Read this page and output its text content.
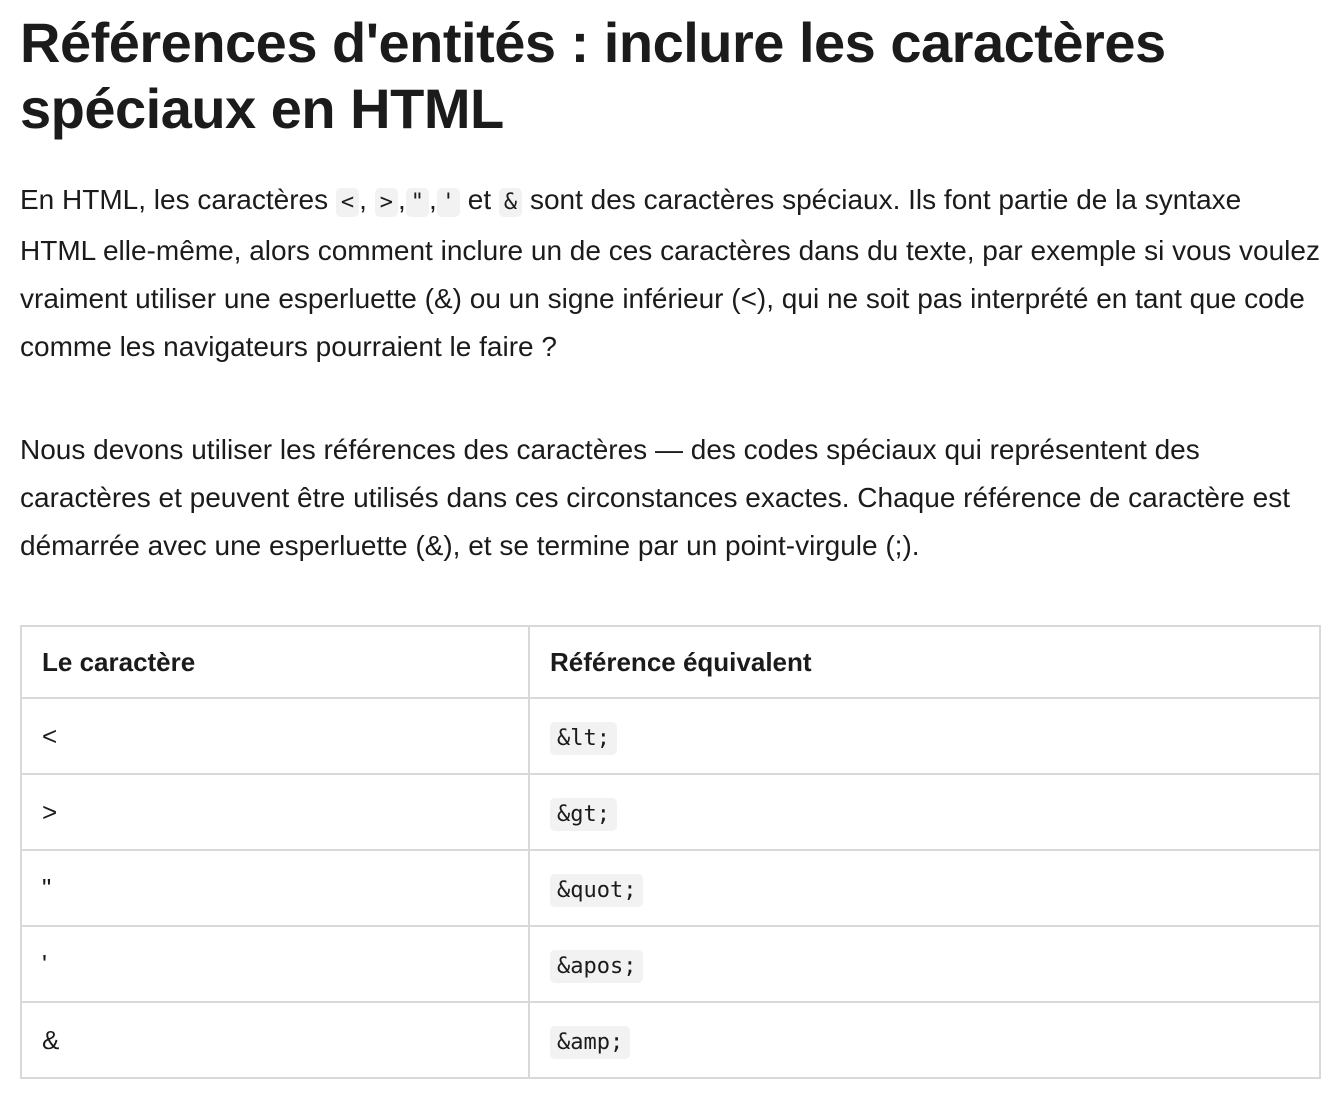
Références d'entités : inclure les caractères spéciaux en HTML

En HTML, les caractères < , > , " , ' et & sont des caractères spéciaux. Ils font partie de la syntaxe HTML elle-même, alors comment inclure un de ces caractères dans du texte, par exemple si vous voulez vraiment utiliser une esperluette (&) ou un signe inférieur (<), qui ne soit pas interprété en tant que code comme les navigateurs pourraient le faire ?

Nous devons utiliser les références des caractères — des codes spéciaux qui représentent des caractères et peuvent être utilisés dans ces circonstances exactes. Chaque référence de caractère est démarrée avec une esperluette (&), et se termine par un point-virgule (;).

Le caractère	Référence équivalent
<	&lt;
>	&gt;
"	&quot;
'	&apos;
&	&amp;
